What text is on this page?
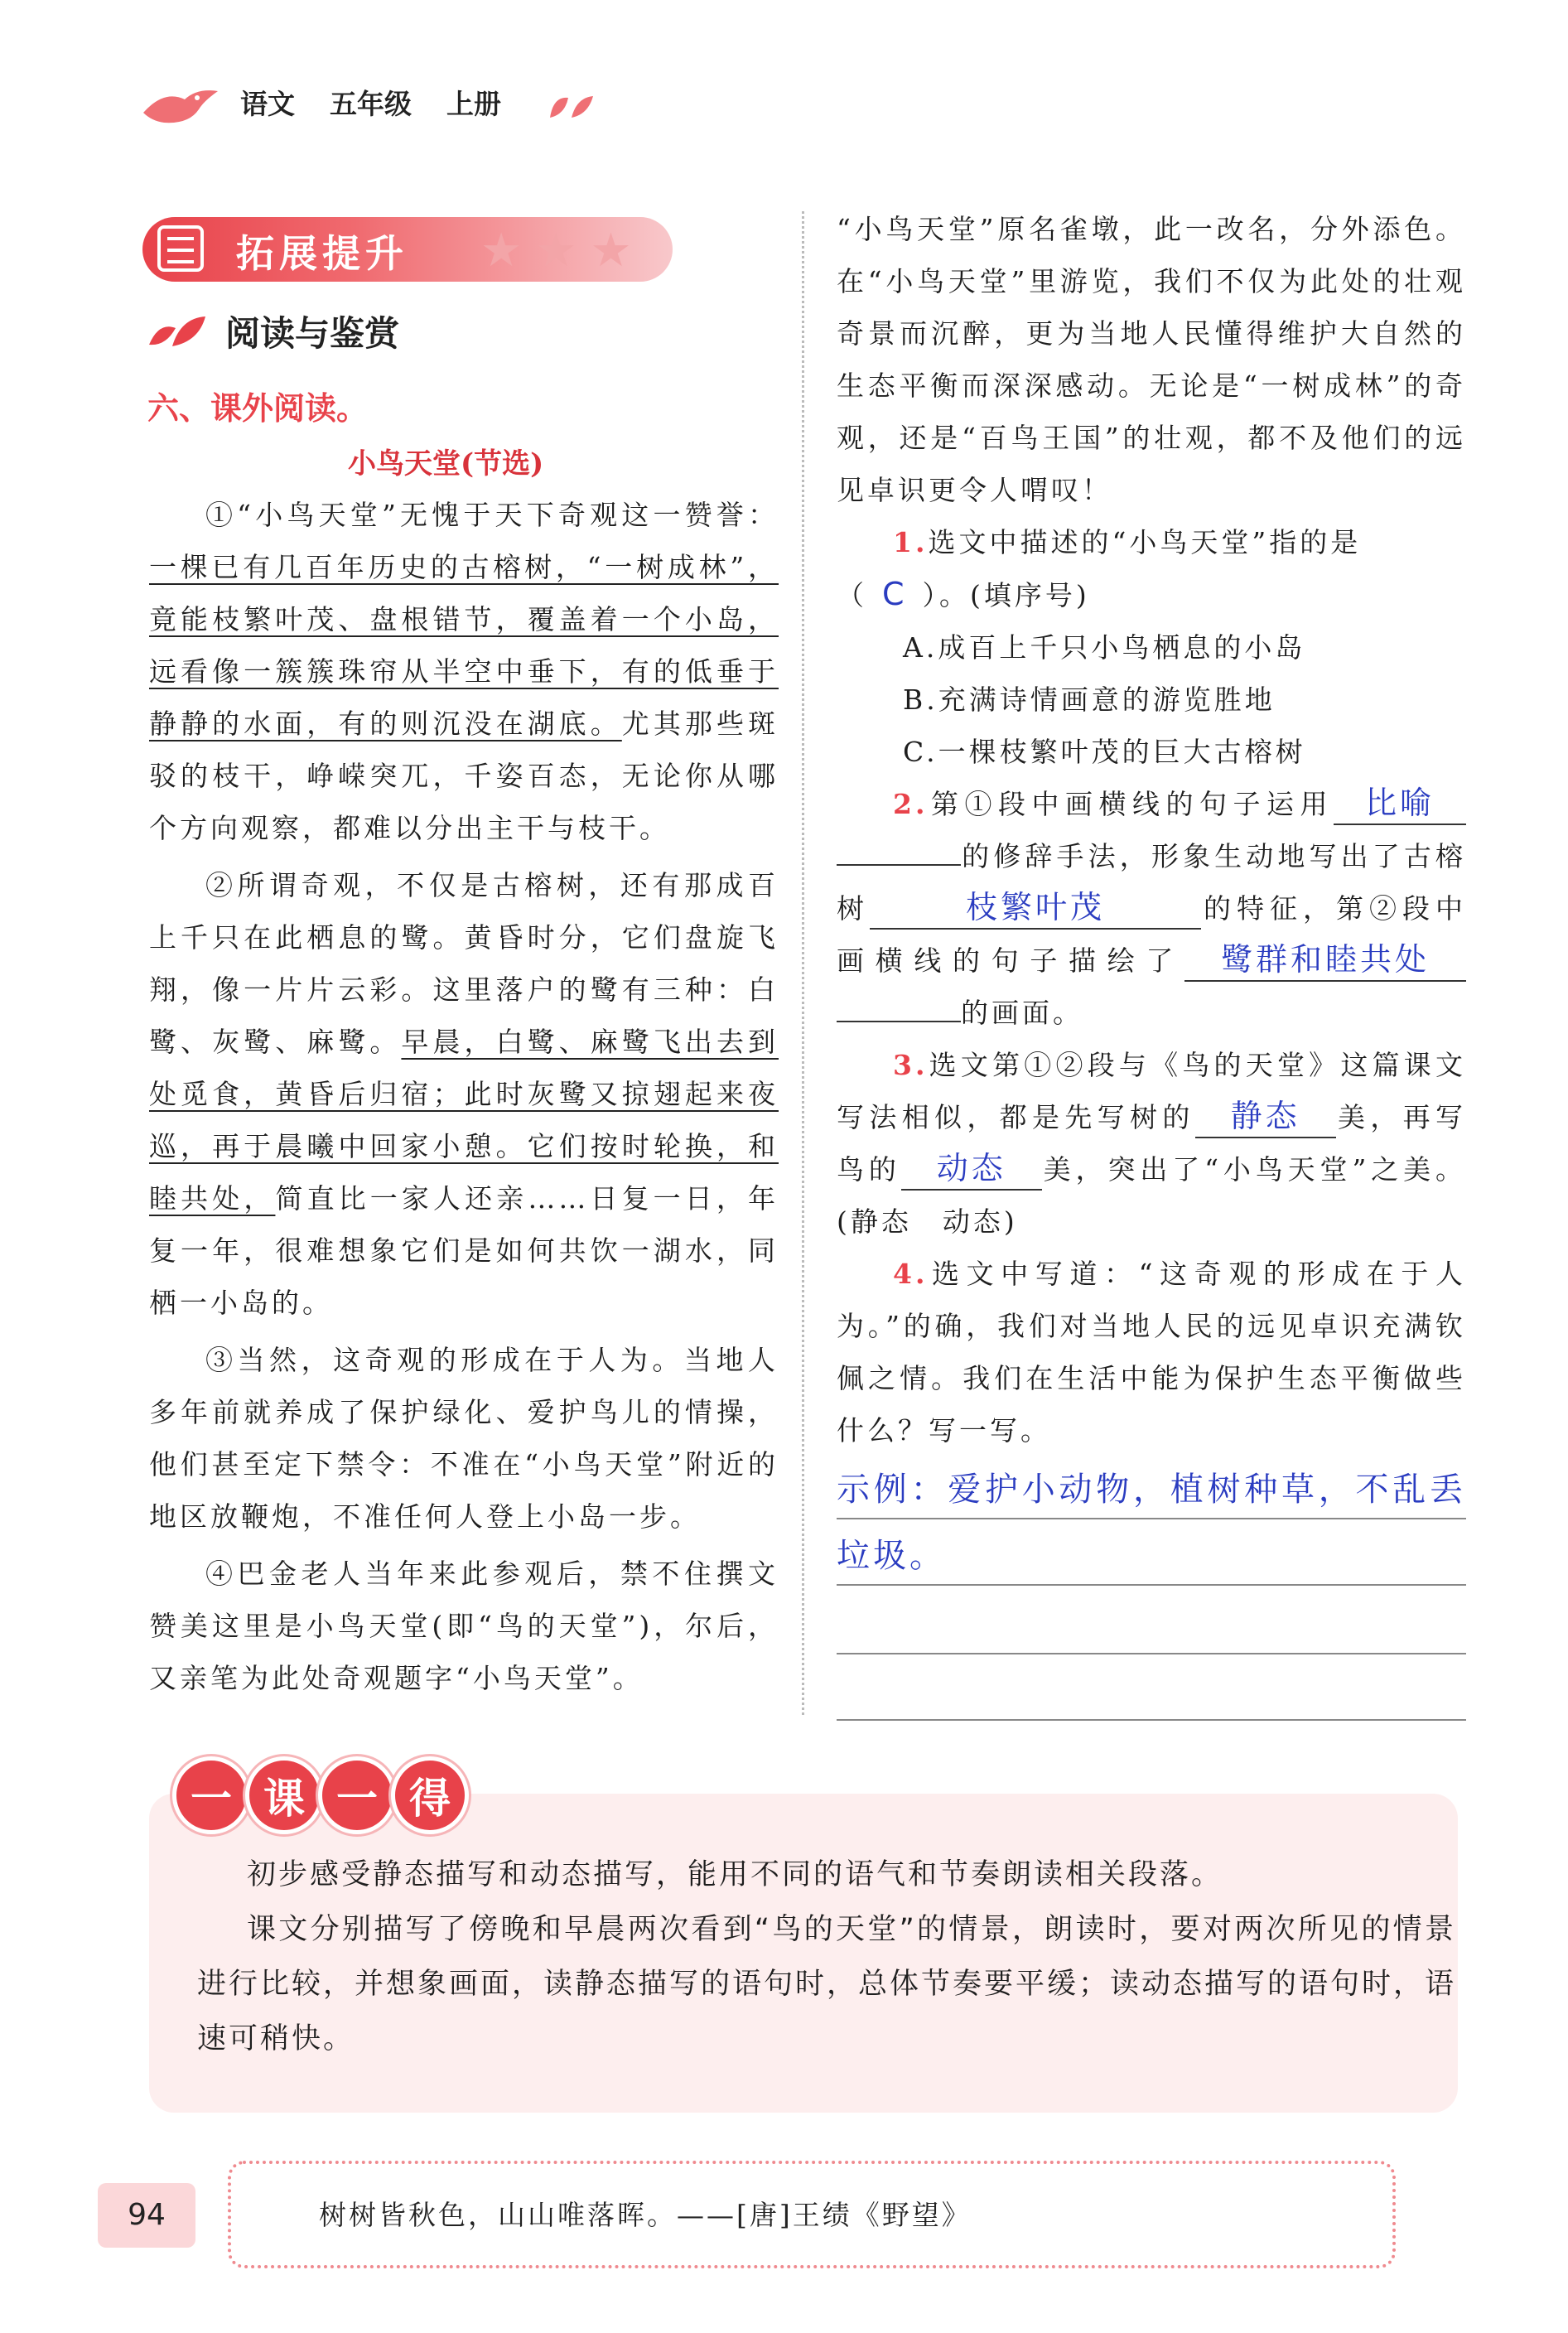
语文 五年级 上册
拓展提升 ★★★
阅读与鉴赏
六、课外阅读。
小鸟天堂(节选)

①“小鸟天堂”无愧于天下奇观这一赞誉：一棵已有几百年历史的古榕树，“一树成林”，竟能枝繁叶茂、盘根错节，覆盖着一个小岛，远看像一簇簇珠帘从半空中垂下，有的低垂于静静的水面，有的则沉没在湖底。尤其那些斑驳的枝干，峥嵘突兀，千姿百态，无论你从哪个方向观察，都难以分出主干与枝干。

②所谓奇观，不仅是古榕树，还有那成百上千只在此栖息的鹭。黄昏时分，它们盘旋飞翔，像一片片云彩。这里落户的鹭有三种：白鹭、灰鹭、麻鹭。早晨，白鹭、麻鹭飞出去到处觅食，黄昏后归宿；此时灰鹭又掠翅起来夜巡，再于晨曦中回家小憩。它们按时轮换，和睦共处，简直比一家人还亲……日复一日，年复一年，很难想象它们是如何共饮一湖水，同栖一小岛的。

③当然，这奇观的形成在于人为。当地人多年前就养成了保护绿化、爱护鸟儿的情操，他们甚至定下禁令：不准在“小鸟天堂”附近的地区放鞭炮，不准任何人登上小岛一步。

④巴金老人当年来此参观后，禁不住撰文赞美这里是小鸟天堂(即“鸟的天堂”)，尔后，又亲笔为此处奇观题字“小鸟天堂”。

“小鸟天堂”原名雀墩，此一改名，分外添色。在“小鸟天堂”里游览，我们不仅为此处的壮观奇景而沉醉，更为当地人民懂得维护大自然的生态平衡而深深感动。无论是“一树成林”的奇观，还是“百鸟王国”的壮观，都不及他们的远见卓识更令人喟叹！
1.选文中描述的“小鸟天堂”指的是
（ C ）。(填序号)
A.成百上千只小鸟栖息的小岛
B.充满诗情画意的游览胜地
C.一棵枝繁叶茂的巨大古榕树
2.第①段中画横线的句子运用 比喻的修辞手法，形象生动地写出了古榕树	枝繁叶茂	的特征，第②段中画横线的句子描绘了 鹭群和睦共处的画面。
3.选文第①②段与《鸟的天堂》这篇课文写法相似，都是先写树的 静态 美，再写鸟的 动态 美，突出了“小鸟天堂”之美。(静态　动态)
4.选文中写道：“这奇观的形成在于人为。”的确，我们对当地人民的远见卓识充满钦佩之情。我们在生活中能为保护生态平衡做些什么？写一写。
示例：爱护小动物，植树种草，不乱丢垃圾。
一 课 一 得

初步感受静态描写和动态描写，能用不同的语气和节奏朗读相关段落。

课文分别描写了傍晚和早晨两次看到“鸟的天堂”的情景，朗读时，要对两次所见的情景进行比较，并想象画面，读静态描写的语句时，总体节奏要平缓；读动态描写的语句时，语速可稍快。

94	树树皆秋色，山山唯落晖。——[唐]王绩《野望》
